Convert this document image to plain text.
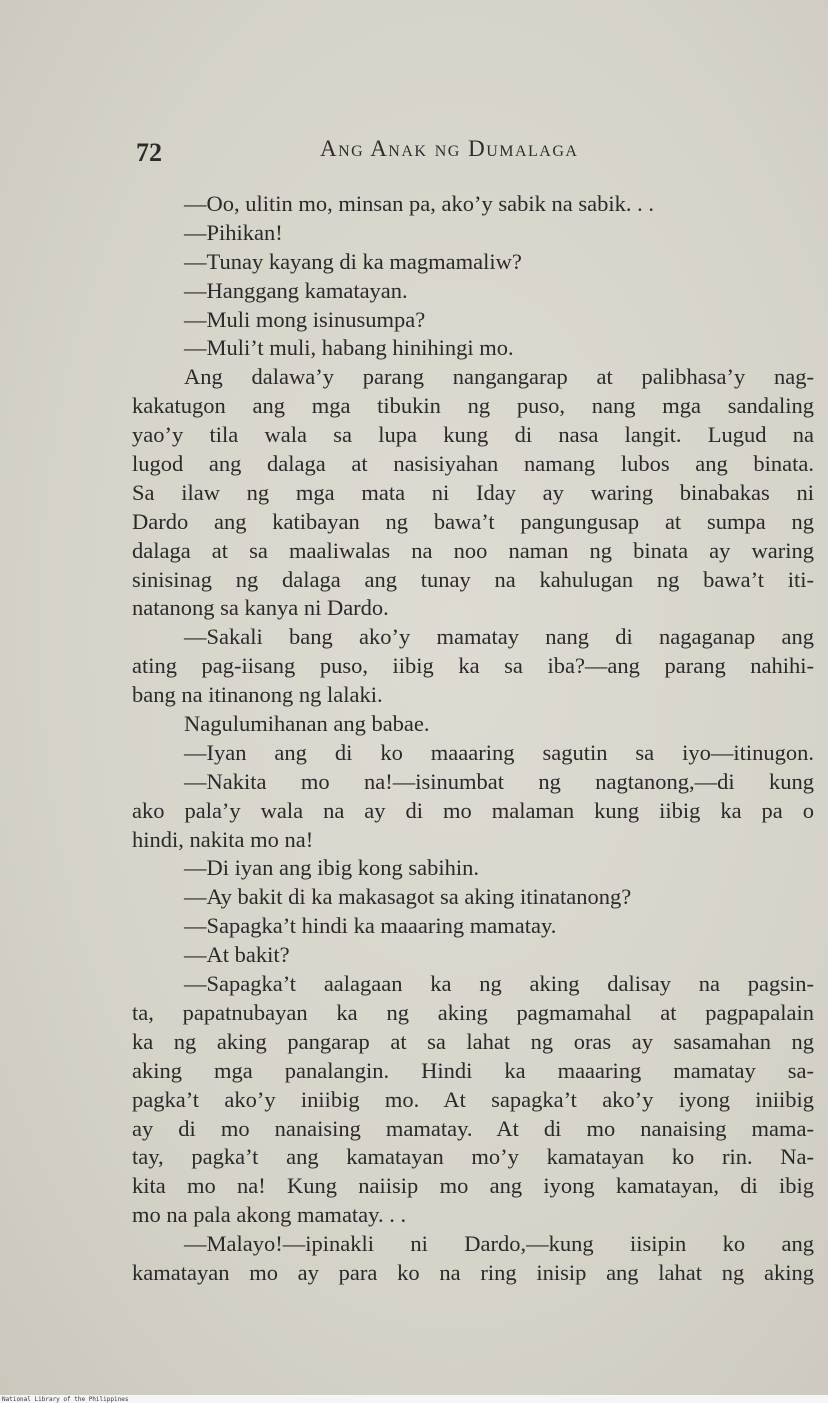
72	Ang Anak ng Dumalaga
—Oo, ulitin mo, minsan pa, ako’y sabik na sabik. . .
—Pihikan!
—Tunay kayang di ka magmamaliw?
—Hanggang kamatayan.
—Muli mong isinusumpa?
—Muli’t muli, habang hinihingi mo.
Ang dalawa’y parang nangangarap at palibhasa’y nag-
kakatugon ang mga tibukin ng puso, nang mga sandaling
yao’y tila wala sa lupa kung di nasa langit. Lugud na
lugod ang dalaga at nasisiyahan namang lubos ang binata.
Sa ilaw ng mga mata ni Iday ay waring binabakas ni
Dardo ang katibayan ng bawa’t pangungusap at sumpa ng
dalaga at sa maaliwalas na noo naman ng binata ay waring
sinisinag ng dalaga ang tunay na kahulugan ng bawa’t iti-
natanong sa kanya ni Dardo.
—Sakali bang ako’y mamatay nang di nagaganap ang
ating pag-iisang puso, iibig ka sa iba?—ang parang nahihi-
bang na itinanong ng lalaki.
Nagulumihanan ang babae.
—Iyan ang di ko maaaring sagutin sa iyo—itinugon.
—Nakita mo na!—isinumbat ng nagtanong,—di kung
ako pala’y wala na ay di mo malaman kung iibig ka pa o
hindi, nakita mo na!
—Di iyan ang ibig kong sabihin.
—Ay bakit di ka makasagot sa aking itinatanong?
—Sapagka’t hindi ka maaaring mamatay.
—At bakit?
—Sapagka’t aalagaan ka ng aking dalisay na pagsin-
ta, papatnubayan ka ng aking pagmamahal at pagpapalain
ka ng aking pangarap at sa lahat ng oras ay sasamahan ng
aking mga panalangin. Hindi ka maaaring mamatay sa-
pagka’t ako’y iniibig mo. At sapagka’t ako’y iyong iniibig
ay di mo nanaising mamatay. At di mo nanaising mama-
tay, pagka’t ang kamatayan mo’y kamatayan ko rin. Na-
kita mo na! Kung naiisip mo ang iyong kamatayan, di ibig
mo na pala akong mamatay. . .
—Malayo!—ipinakli ni Dardo,—kung iisipin ko ang
kamatayan mo ay para ko na ring inisip ang lahat ng aking
National Library of the Philippines
